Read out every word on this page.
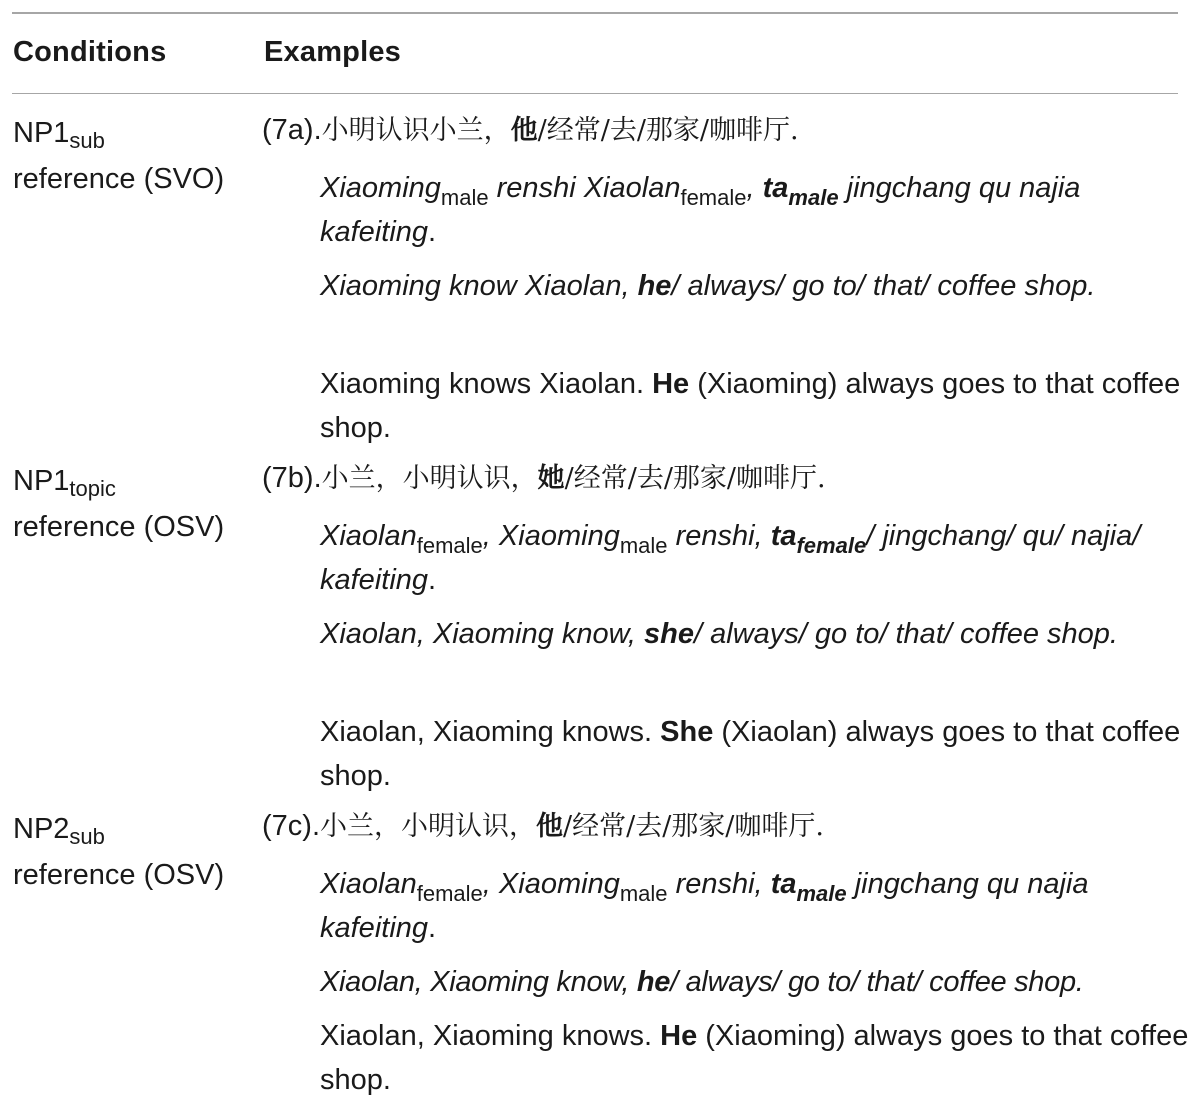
Conditions	Examples
$NP1_{sub}$
reference (SVO)
(7a).小明认识小兰，他/经常/去/那家/咖啡厅.
Xiaoming$_{male}$ renshi Xiaolan$_{female}$, $ta_{male}$ jingchang qu najia kafeiting.
Xiaoming know Xiaolan, he/ always/ go to/ that/ coffee shop.
Xiaoming knows Xiaolan. He (Xiaoming) always goes to that coffee shop.
$NP1_{topic}$
reference (OSV)
(7b).小兰，小明认识，她/经常/去/那家/咖啡厅.
Xiaolan$_{female}$, Xiaoming$_{male}$ renshi, $ta_{female}/$ jingchang/ qu/ najia/ kafeiting.
Xiaolan, Xiaoming know, she/ always/ go to/ that/ coffee shop.
Xiaolan, Xiaoming knows. She (Xiaolan) always goes to that coffee shop.
$NP2_{sub}$
reference (OSV)
(7c).小兰，小明认识，他/经常/去/那家/咖啡厅.
Xiaolan$_{female}$, Xiaoming$_{male}$ renshi, $ta_{male}$ jingchang qu najia kafeiting.
Xiaolan, Xiaoming know, he/ always/ go to/ that/ coffee shop.
Xiaolan, Xiaoming knows. He (Xiaoming) always goes to that coffee shop.
